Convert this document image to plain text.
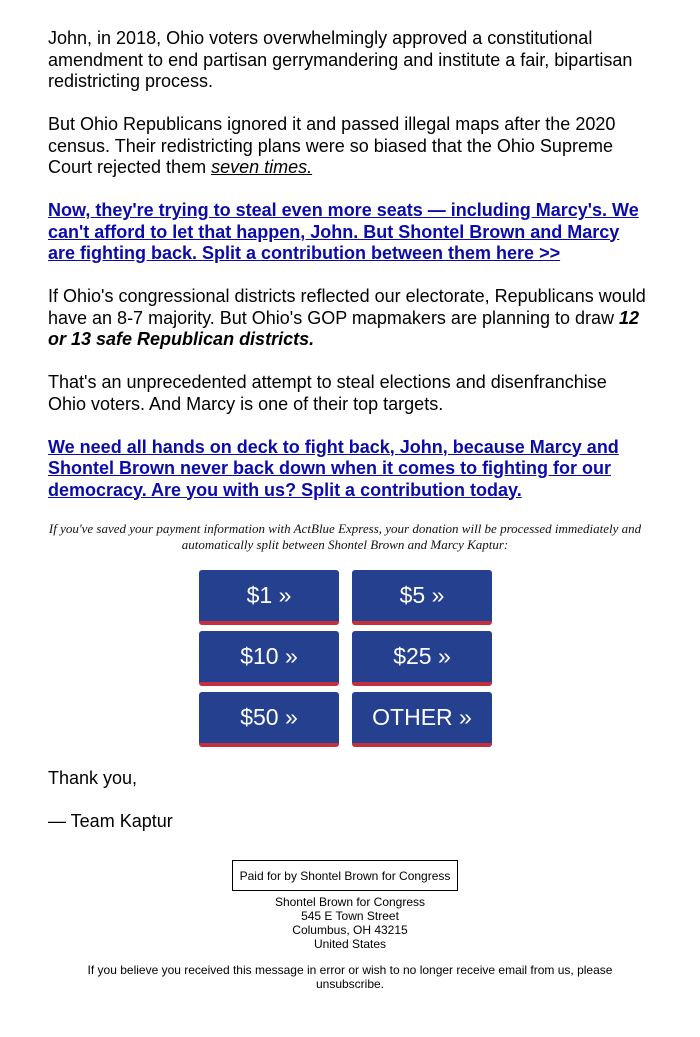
John, in 2018, Ohio voters overwhelmingly approved a constitutional amendment to end partisan gerrymandering and institute a fair, bipartisan redistricting process.

But Ohio Republicans ignored it and passed illegal maps after the 2020 census. Their redistricting plans were so biased that the Ohio Supreme Court rejected them seven times.

Now, they're trying to steal even more seats — including Marcy's. We can't afford to let that happen, John. But Shontel Brown and Marcy are fighting back. Split a contribution between them here >>

If Ohio's congressional districts reflected our electorate, Republicans would have an 8-7 majority. But Ohio's GOP mapmakers are planning to draw 12 or 13 safe Republican districts.

That's an unprecedented attempt to steal elections and disenfranchise Ohio voters. And Marcy is one of their top targets.

We need all hands on deck to fight back, John, because Marcy and Shontel Brown never back down when it comes to fighting for our democracy. Are you with us? Split a contribution today.

If you've saved your payment information with ActBlue Express, your donation will be processed immediately and automatically split between Shontel Brown and Marcy Kaptur:

$1 »	$5 »
$10 »	$25 »
$50 »	OTHER »

Thank you,

— Team Kaptur

Paid for by Shontel Brown for Congress

Shontel Brown for Congress
545 E Town Street
Columbus, OH 43215
United States

If you believe you received this message in error or wish to no longer receive email from us, please unsubscribe.
